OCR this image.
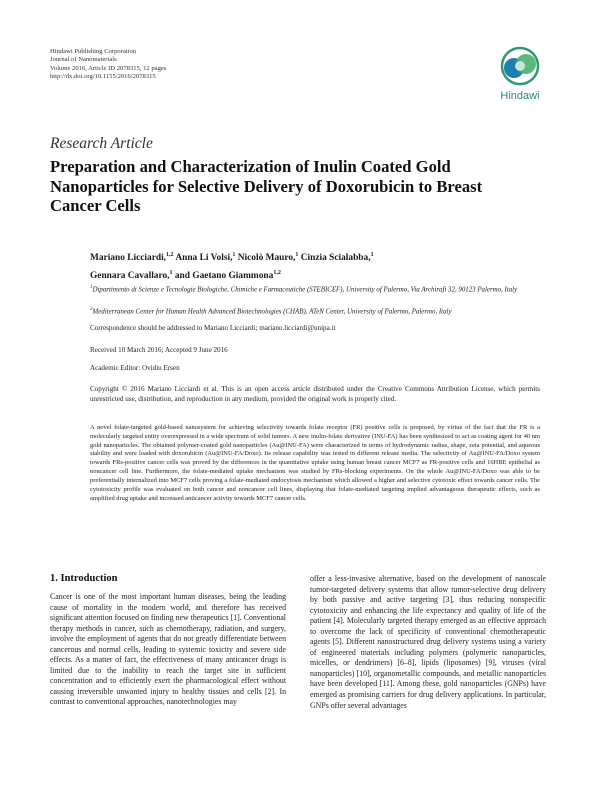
Hindawi Publishing Corporation
Journal of Nanomaterials
Volume 2016, Article ID 2078315, 12 pages
http://dx.doi.org/10.1155/2016/2078315
Hindawi
Research Article
Preparation and Characterization of Inulin Coated Gold Nanoparticles for Selective Delivery of Doxorubicin to Breast Cancer Cells
Mariano Licciardi,$^{1,2}$ Anna Li Volsi,$^1$ Nicolò Mauro,$^1$ Cinzia Scialabba,$^1$
Gennara Cavallaro,$^1$ and Gaetano Giammona$^{1,2}$
$^1$Dipartimento di Scienze e Tecnologie Biologiche, Chimiche e Farmaceutiche (STEBICEF), University of Palermo, Via Archirafi 32, 90123 Palermo, Italy
$^2$Mediterranean Center for Human Health Advanced Biotechnologies (CHAB), ATeN Center, University of Palermo, Palermo, Italy
Correspondence should be addressed to Mariano Licciardi; mariano.licciardi@unipa.it
Received 10 March 2016; Accepted 9 June 2016
Academic Editor: Ovidiu Ersen
Copyright © 2016 Mariano Licciardi et al. This is an open access article distributed under the Creative Commons Attribution License, which permits unrestricted use, distribution, and reproduction in any medium, provided the original work is properly cited.
A novel folate-targeted gold-based nanosystem for achieving selectivity towards folate receptor (FR) positive cells is proposed, by virtue of the fact that the FR is a molecularly targeted entity overexpressed in a wide spectrum of solid tumors. A new inulin-folate derivative (INU-FA) has been synthesized to act as coating agent for 40 nm gold nanoparticles. The obtained polymer-coated gold nanoparticles (Au@INU-FA) were characterized in terms of hydrodynamic radius, shape, zeta potential, and aqueous stability and were loaded with doxorubicin (Au@INU-FA/Doxo). Its release capability was tested in different release media. The selectivity of Au@INU-FA/Doxo system towards FRs-positive cancer cells was proved by the differences in the quantitative uptake using human breast cancer MCF7 as FR-positive cells and 16HBE epithelial as noncancer cell line. Furthermore, the folate-mediated uptake mechanism was studied by FRs-blocking experiments. On the whole Au@INU-FA/Doxo was able to be preferentially internalized into MCF7 cells proving a folate-mediated endocytosis mechanism which allowed a higher and selective cytotoxic effect towards cancer cells. The cytotoxicity profile was evaluated on both cancer and noncancer cell lines, displaying that folate-mediated targeting implied advantageous therapeutic effects, such as amplified drug uptake and increased anticancer activity towards MCF7 cancer cells.
1. Introduction
Cancer is one of the most important human diseases, being the leading cause of mortality in the modern world, and therefore has received significant attention focused on finding new therapeutics [1]. Conventional therapy methods in cancer, such as chemotherapy, radiation, and surgery, involve the employment of agents that do not greatly differentiate between cancerous and normal cells, leading to systemic toxicity and severe side effects. As a matter of fact, the effectiveness of many anticancer drugs is limited due to the inability to reach the target site in sufficient concentration and to efficiently exert the pharmacological effect without causing irreversible unwanted injury to healthy tissues and cells [2]. In contrast to conventional approaches, nanotechnologies may
offer a less-invasive alternative, based on the development of nanoscale tumor-targeted delivery systems that allow tumor-selective drug delivery by both passive and active targeting [3], thus reducing nonspecific cytotoxicity and enhancing the life expectancy and quality of life of the patient [4]. Molecularly targeted therapy emerged as an effective approach to overcome the lack of specificity of conventional chemotherapeutic agents [5]. Different nanostructured drug delivery systems using a variety of engineered materials including polymers (polymeric nanoparticles, micelles, or dendrimers) [6–8], lipids (liposomes) [9], viruses (viral nanoparticles) [10], organometallic compounds, and metallic nanoparticles have been developed [11]. Among these, gold nanoparticles (GNPs) have emerged as promising carriers for drug delivery applications. In particular, GNPs offer several advantages
